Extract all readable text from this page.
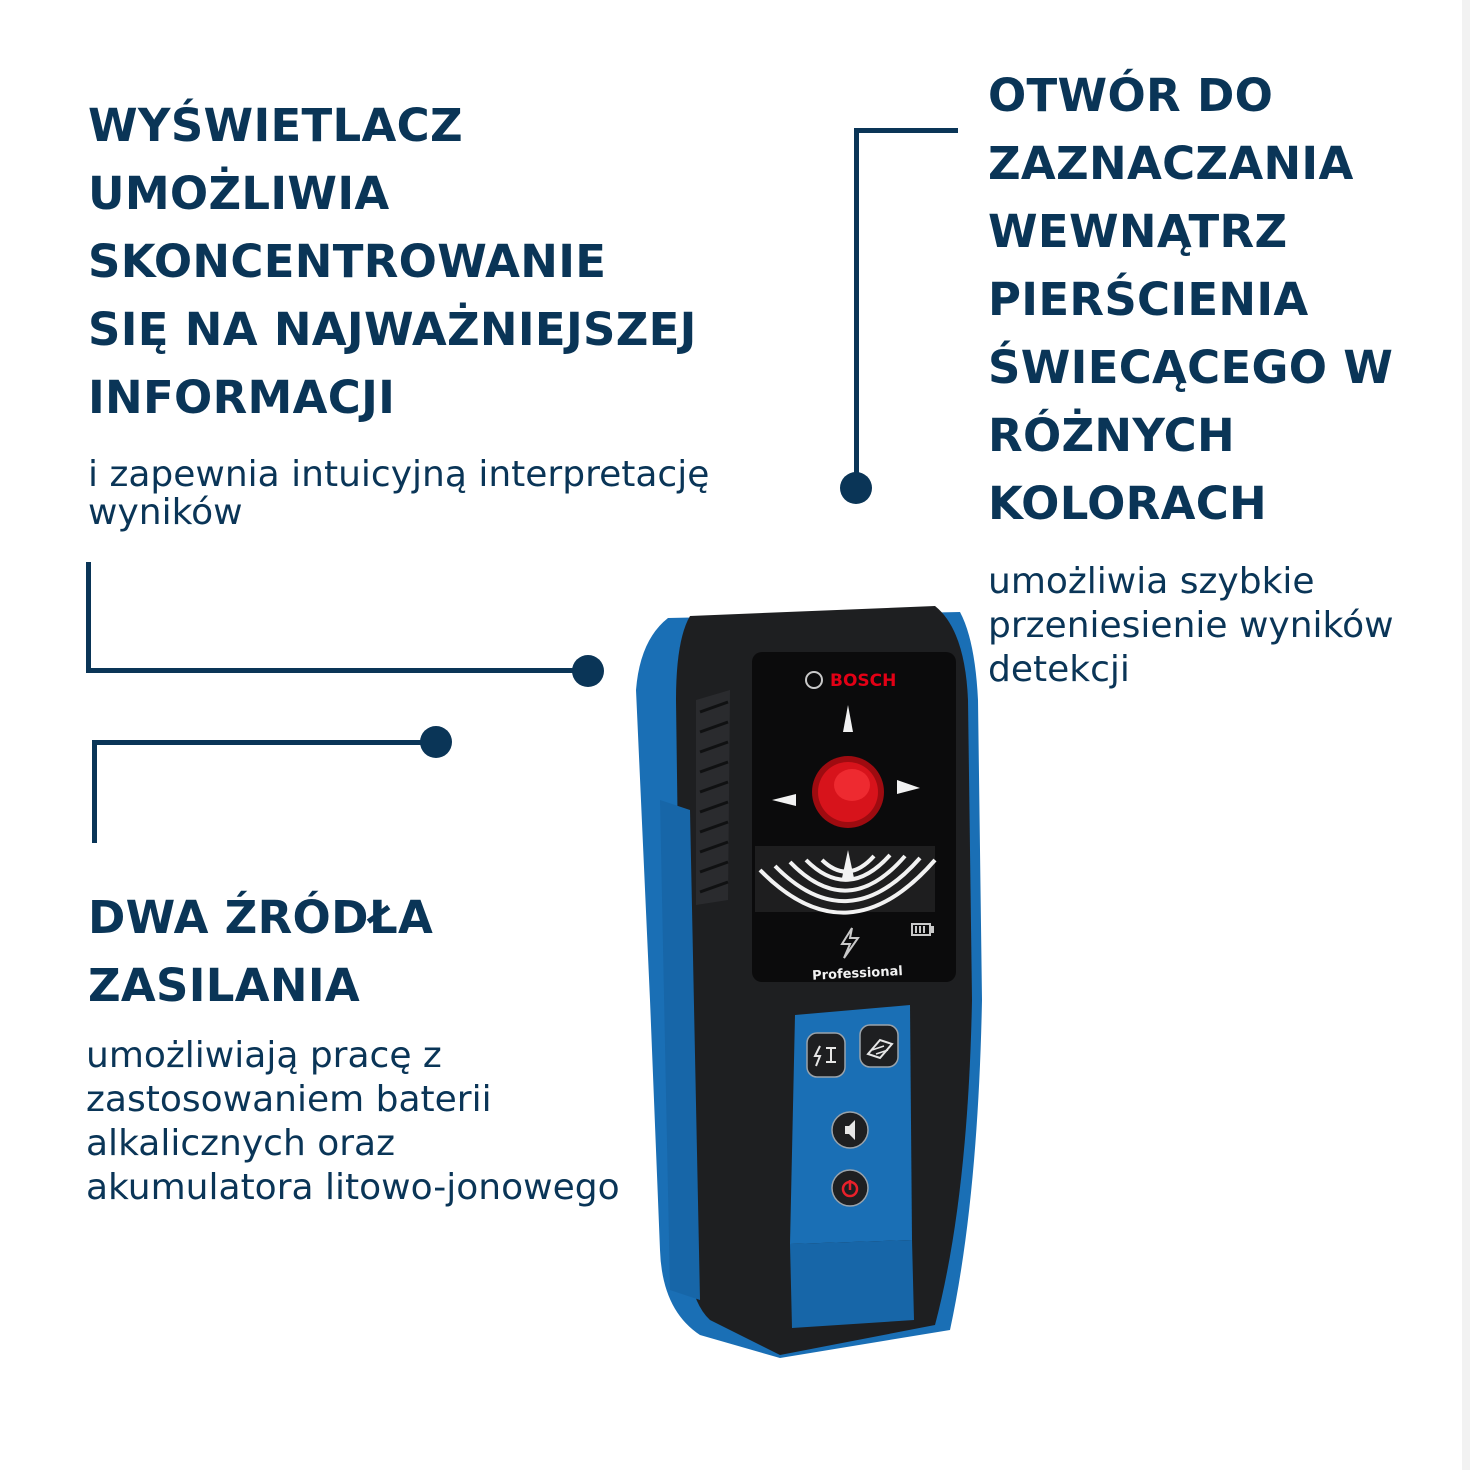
WYŚWIETLACZ
UMOŻLIWIA
SKONCENTROWANIE
SIĘ NA NAJWAŻNIEJSZEJ
INFORMACJI

i zapewnia intuicyjną interpretację
wyników

OTWÓR DO
ZAZNACZANIA
WEWNĄTRZ
PIERŚCIENIA
ŚWIECĄCEGO W
RÓŻNYCH
KOLORACH

umożliwia szybkie
przeniesienie wyników
detekcji

DWA ŹRÓDŁA
ZASILANIA

umożliwiają pracę z
zastosowaniem baterii
alkalicznych oraz
akumulatora litowo-jonowego

BOSCH
Professional
